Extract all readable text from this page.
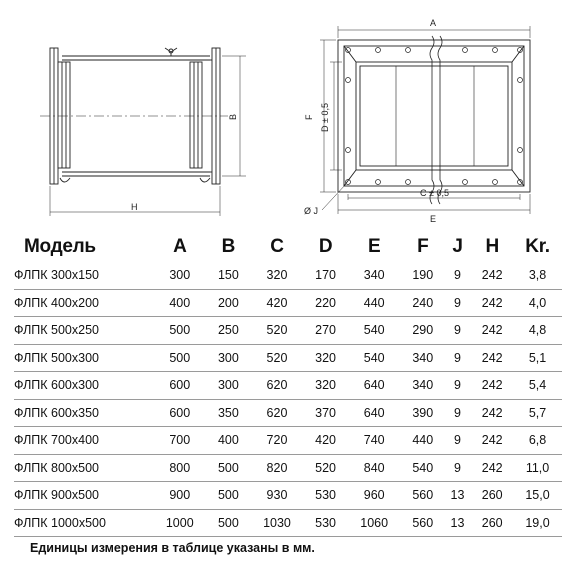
B
H
A
F D ± 0,5
C ± 0,5
E
Ø J
Модель	A	B	C	D	E	F	J	H	Kr.
ФЛПК 300х150	300	150	320	170	340	190	9	242	3,8
ФЛПК 400х200	400	200	420	220	440	240	9	242	4,0
ФЛПК 500х250	500	250	520	270	540	290	9	242	4,8
ФЛПК 500х300	500	300	520	320	540	340	9	242	5,1
ФЛПК 600х300	600	300	620	320	640	340	9	242	5,4
ФЛПК 600х350	600	350	620	370	640	390	9	242	5,7
ФЛПК 700х400	700	400	720	420	740	440	9	242	6,8
ФЛПК 800х500	800	500	820	520	840	540	9	242	11,0
ФЛПК 900х500	900	500	930	530	960	560	13	260	15,0
ФЛПК 1000х500	1000	500	1030	530	1060	560	13	260	19,0
Единицы измерения в таблице указаны в мм.
